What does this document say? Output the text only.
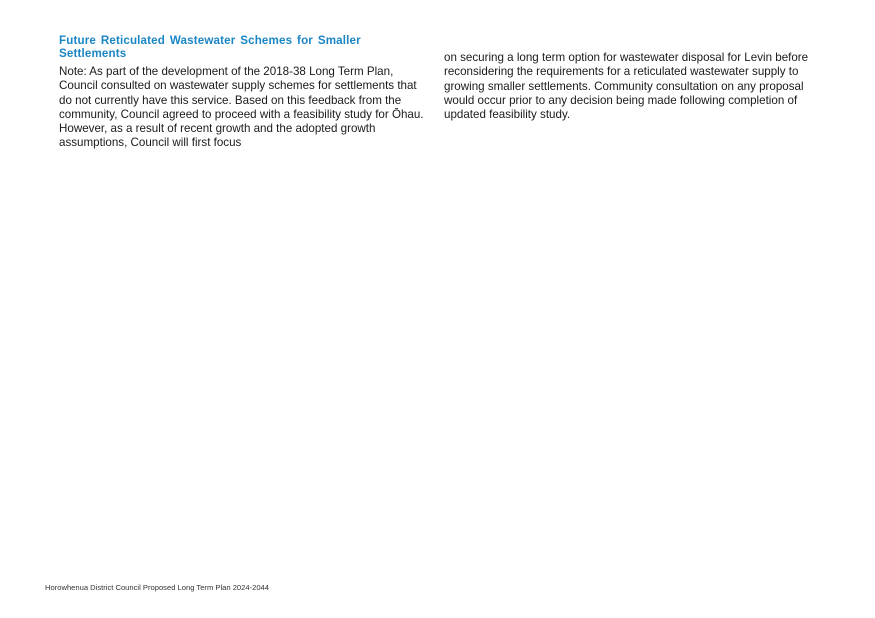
Future Reticulated Wastewater Schemes for Smaller Settlements

Note: As part of the development of the 2018-38 Long Term Plan, Council consulted on wastewater supply schemes for settlements that do not currently have this service. Based on this feedback from the community, Council agreed to proceed with a feasibility study for Ōhau. However, as a result of recent growth and the adopted growth assumptions, Council will first focus

on securing a long term option for wastewater disposal for Levin before reconsidering the requirements for a reticulated wastewater supply to growing smaller settlements. Community consultation on any proposal would occur prior to any decision being made following completion of updated feasibility study.

Horowhenua District Council Proposed Long Term Plan 2024-2044
